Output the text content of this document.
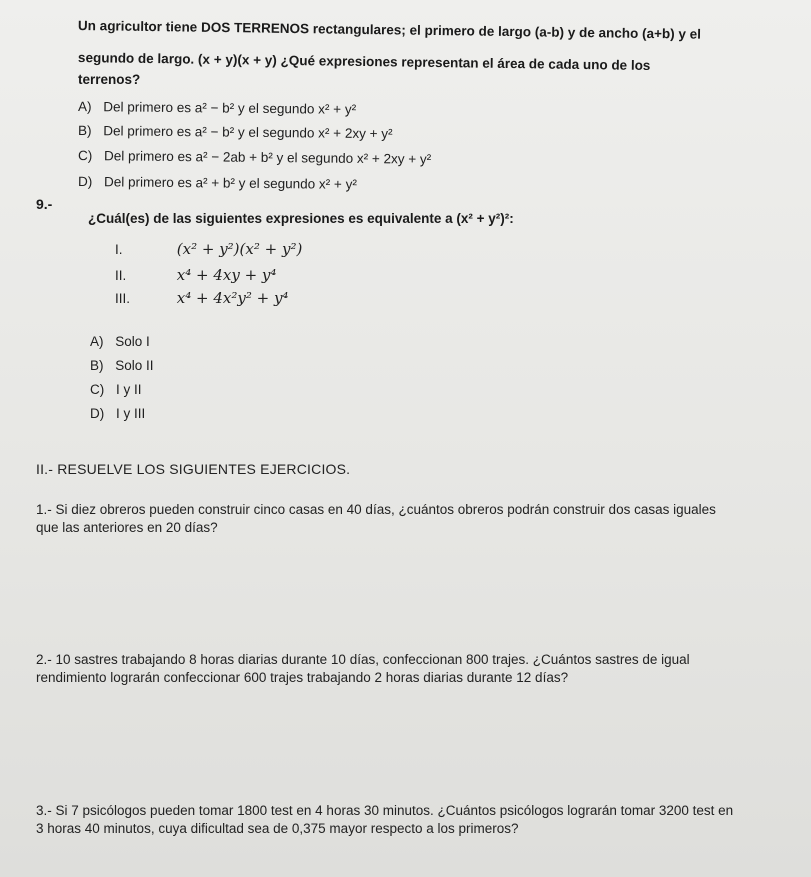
Un agricultor tiene DOS TERRENOS rectangulares; el primero de largo (a-b) y de ancho (a+b) y el
segundo de largo. (x + y)(x + y) ¿Qué expresiones representan el área de cada uno de los
terrenos?
A) Del primero es a² − b² y el segundo x² + y²
B) Del primero es a² − b² y el segundo x² + 2xy + y²
C) Del primero es a² − 2ab + b² y el segundo x² + 2xy + y²
D) Del primero es a² + b² y el segundo x² + y²
9.-
¿Cuál(es) de las siguientes expresiones es equivalente a (x² + y²)²:
I.	(x² + y²)(x² + y²)
II.	x⁴ + 4xy + y⁴
III.	x⁴ + 4x²y² + y⁴
A) Solo I
B) Solo II
C) I y II
D) I y III
II.- RESUELVE LOS SIGUIENTES EJERCICIOS.
1.- Si diez obreros pueden construir cinco casas en 40 días, ¿cuántos obreros podrán construir dos casas iguales que las anteriores en 20 días?
2.- 10 sastres trabajando 8 horas diarias durante 10 días, confeccionan 800 trajes. ¿Cuántos sastres de igual rendimiento lograrán confeccionar 600 trajes trabajando 2 horas diarias durante 12 días?
3.- Si 7 psicólogos pueden tomar 1800 test en 4 horas 30 minutos. ¿Cuántos psicólogos lograrán tomar 3200 test en 3 horas 40 minutos, cuya dificultad sea de 0,375 mayor respecto a los primeros?
